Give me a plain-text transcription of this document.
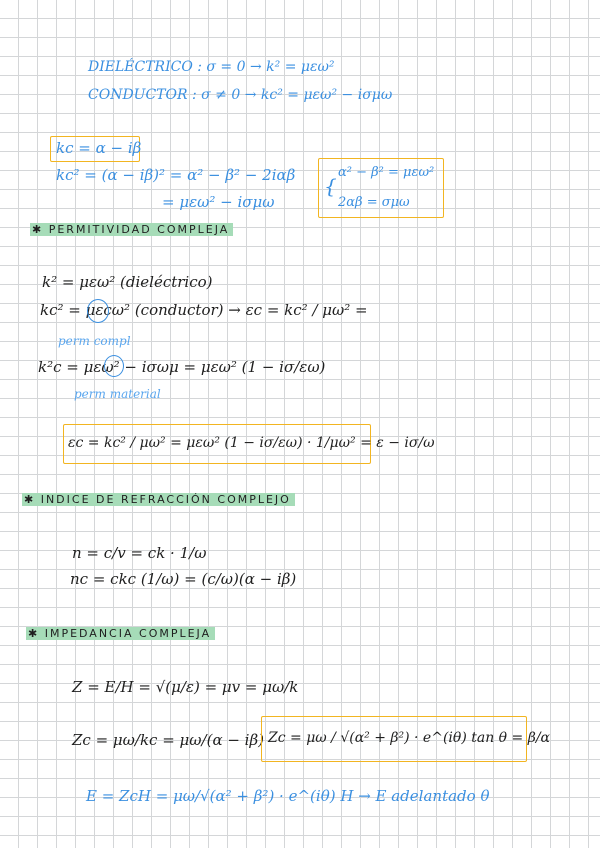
DIELÉCTRICO : σ = 0 → k² = μεω²
CONDUCTOR : σ ≠ 0 → kc² = μεω² − iσμω
kc = α − iβ
kc² = (α − iβ)² = α² − β² − 2iαβ
= μεω² − iσμω
{
α² − β² = μεω²
2αβ = σμω
✱ PERMITIVIDAD COMPLEJA
k² = μεω² (dieléctrico)
kc² = μεcω² (conductor) → εc = kc² / μω² =
perm compl
k²c = μεω² − iσωμ = μεω² (1 − iσ/εω)
perm material
εc = kc² / μω² = μεω² (1 − iσ/εω) · 1/μω² = ε − iσ/ω
✱ INDICE DE REFRACCIÓN COMPLEJO
n = c/v = ck · 1/ω
nc = ckc (1/ω) = (c/ω)(α − iβ)
✱ IMPEDANCIA COMPLEJA
Z = E/H = √(μ/ε) = μv = μω/k
Zc = μω/kc = μω/(α − iβ) Zc = μω / √(α² + β²) · e^(iθ) tan θ = β/α
E = ZcH = μω/√(α² + β²) · e^(iθ) H → E adelantado θ
